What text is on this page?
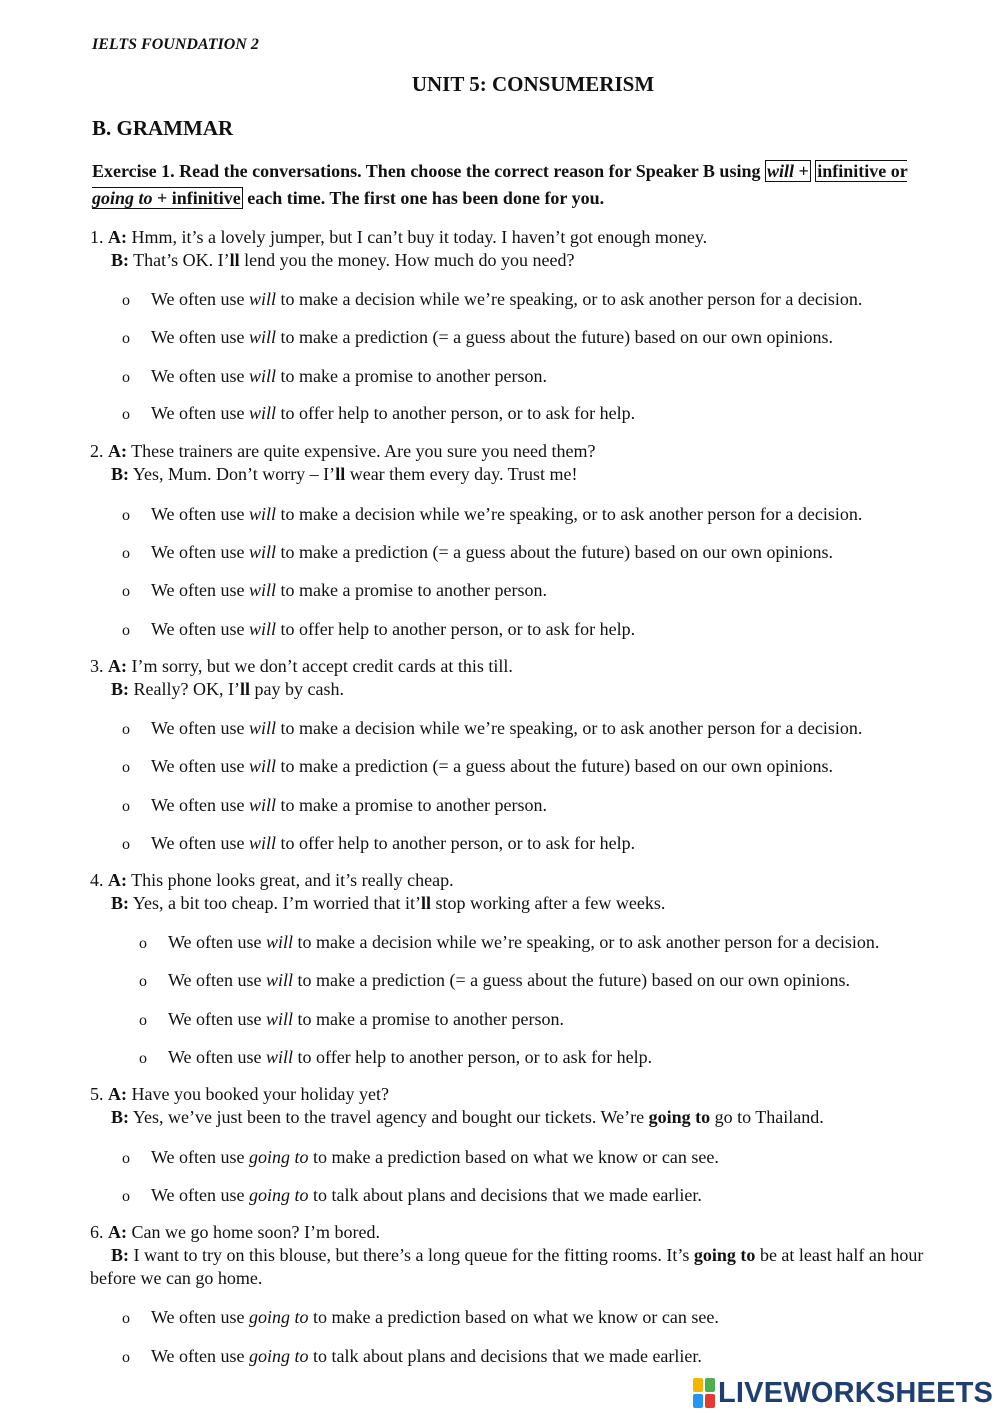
IELTS FOUNDATION 2
UNIT 5: CONSUMERISM
B. GRAMMAR
Exercise 1. Read the conversations. Then choose the correct reason for Speaker B using will + infinitive or going to + infinitive each time. The first one has been done for you.
1. A: Hmm, it’s a lovely jumper, but I can’t buy it today. I haven’t got enough money.
B: That’s OK. I’ll lend you the money. How much do you need?
o We often use will to make a decision while we’re speaking, or to ask another person for a decision.
o We often use will to make a prediction (= a guess about the future) based on our own opinions.
o We often use will to make a promise to another person.
o We often use will to offer help to another person, or to ask for help.
2. A: These trainers are quite expensive. Are you sure you need them?
B: Yes, Mum. Don’t worry – I’ll wear them every day. Trust me!
o We often use will to make a decision while we’re speaking, or to ask another person for a decision.
o We often use will to make a prediction (= a guess about the future) based on our own opinions.
o We often use will to make a promise to another person.
o We often use will to offer help to another person, or to ask for help.
3. A: I’m sorry, but we don’t accept credit cards at this till.
B: Really? OK, I’ll pay by cash.
o We often use will to make a decision while we’re speaking, or to ask another person for a decision.
o We often use will to make a prediction (= a guess about the future) based on our own opinions.
o We often use will to make a promise to another person.
o We often use will to offer help to another person, or to ask for help.
4. A: This phone looks great, and it’s really cheap.
B: Yes, a bit too cheap. I’m worried that it’ll stop working after a few weeks.
o We often use will to make a decision while we’re speaking, or to ask another person for a decision.
o We often use will to make a prediction (= a guess about the future) based on our own opinions.
o We often use will to make a promise to another person.
o We often use will to offer help to another person, or to ask for help.
5. A: Have you booked your holiday yet?
B: Yes, we’ve just been to the travel agency and bought our tickets. We’re going to go to Thailand.
o We often use going to to make a prediction based on what we know or can see.
o We often use going to to talk about plans and decisions that we made earlier.
6. A: Can we go home soon? I’m bored.
B: I want to try on this blouse, but there’s a long queue for the fitting rooms. It’s going to be at least half an hour before we can go home.
o We often use going to to make a prediction based on what we know or can see.
o We often use going to to talk about plans and decisions that we made earlier.
LIVEWORKSHEETS
